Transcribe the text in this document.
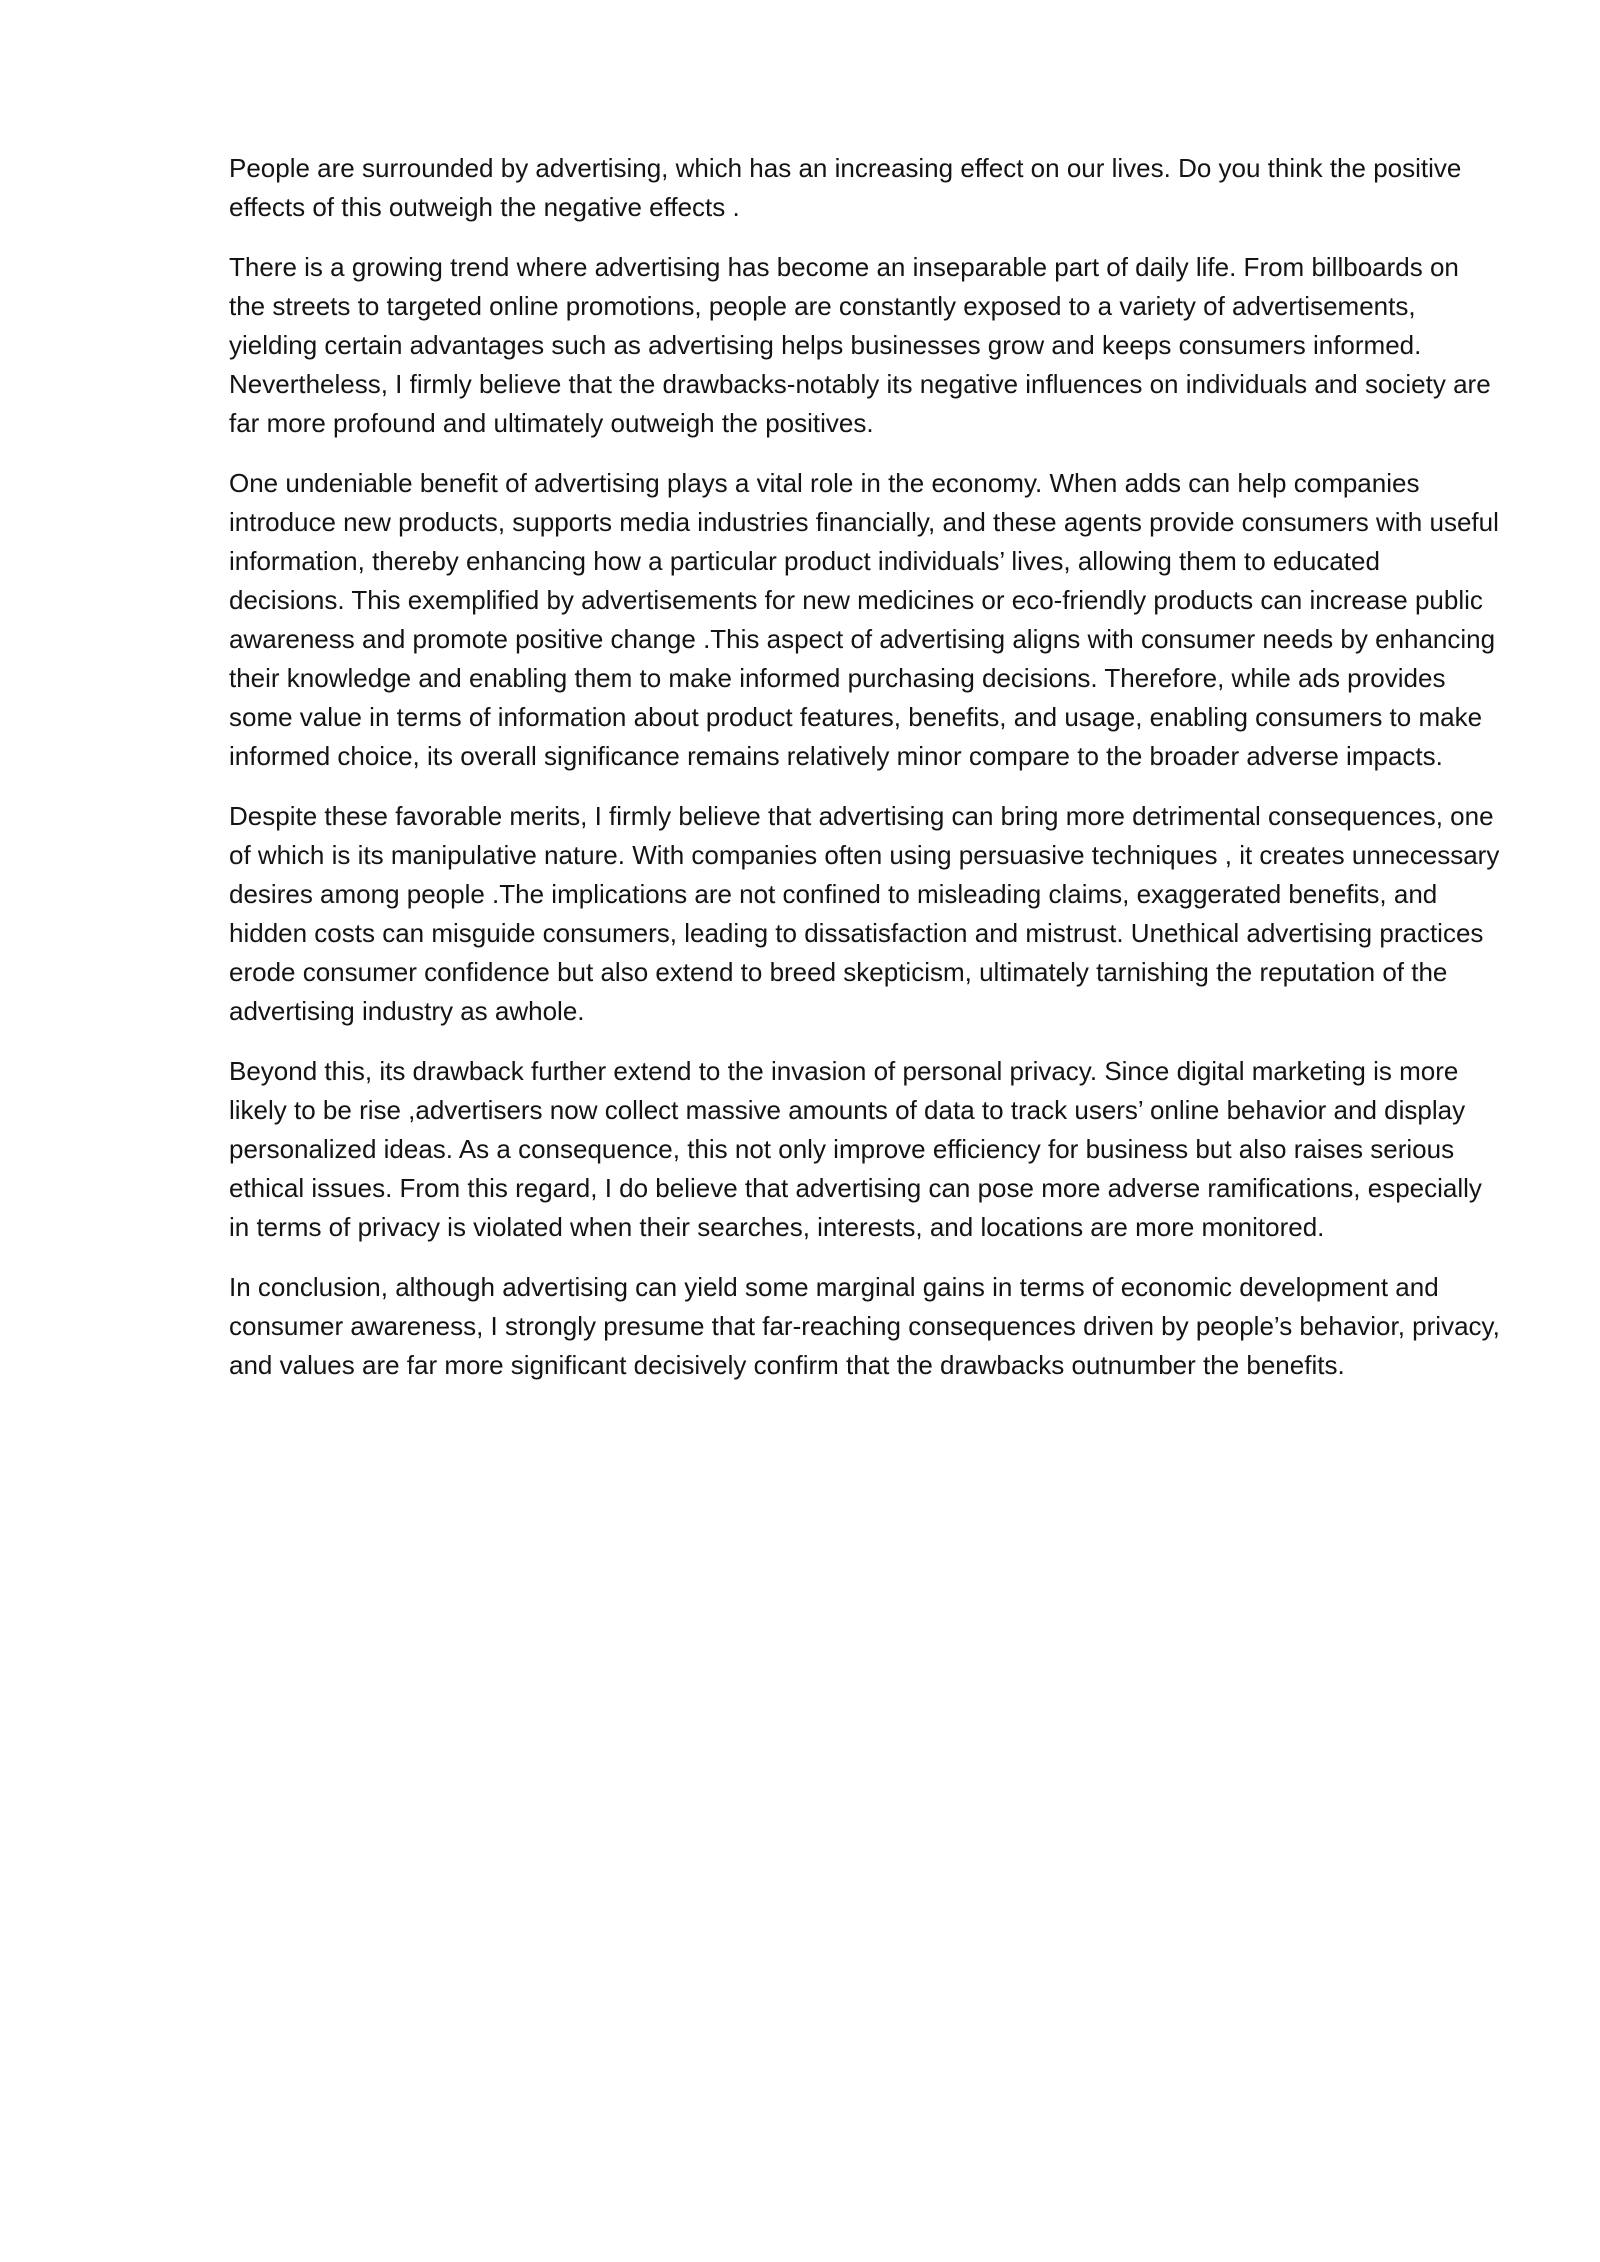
People are surrounded by advertising, which has an increasing effect on our lives. Do you think the positive effects of this outweigh the negative effects .

There is a growing trend where advertising has become an inseparable part of daily life. From billboards on the streets to targeted online promotions, people are constantly exposed to a variety of advertisements, yielding certain advantages such as advertising helps businesses grow and keeps consumers informed. Nevertheless, I firmly believe that the drawbacks-notably its negative influences on individuals and society are far more profound and ultimately outweigh the positives.

One undeniable benefit of advertising plays a vital role in the economy. When adds can help companies introduce new products, supports media industries financially, and these agents provide consumers with useful information, thereby enhancing how a particular product individuals’ lives, allowing them to educated decisions. This exemplified by advertisements for new medicines or eco-friendly products can increase public awareness and promote positive change .This aspect of advertising aligns with consumer needs by enhancing their knowledge and enabling them to make informed purchasing decisions. Therefore, while ads provides some value in terms of information about product features, benefits, and usage, enabling consumers to make informed choice, its overall significance remains relatively minor compare to the broader adverse impacts.

Despite these favorable merits, I firmly believe that advertising can bring more detrimental consequences, one of which is its manipulative nature. With companies often using persuasive techniques , it creates unnecessary desires among people .The implications are not confined to misleading claims, exaggerated benefits, and hidden costs can misguide consumers, leading to dissatisfaction and mistrust. Unethical advertising practices erode consumer confidence but also extend to breed skepticism, ultimately tarnishing the reputation of the advertising industry as awhole.

Beyond this, its drawback further extend to the invasion of personal privacy. Since digital marketing is more likely to be rise ,advertisers now collect massive amounts of data to track users’ online behavior and display personalized ideas. As a consequence, this not only improve efficiency for business but also raises serious ethical issues. From this regard, I do believe that advertising can pose more adverse ramifications, especially in terms of privacy is violated when their searches, interests, and locations are more monitored.

In conclusion, although advertising can yield some marginal gains in terms of economic development and consumer awareness, I strongly presume that far-reaching consequences driven by people’s behavior, privacy, and values are far more significant decisively confirm that the drawbacks outnumber the benefits.
